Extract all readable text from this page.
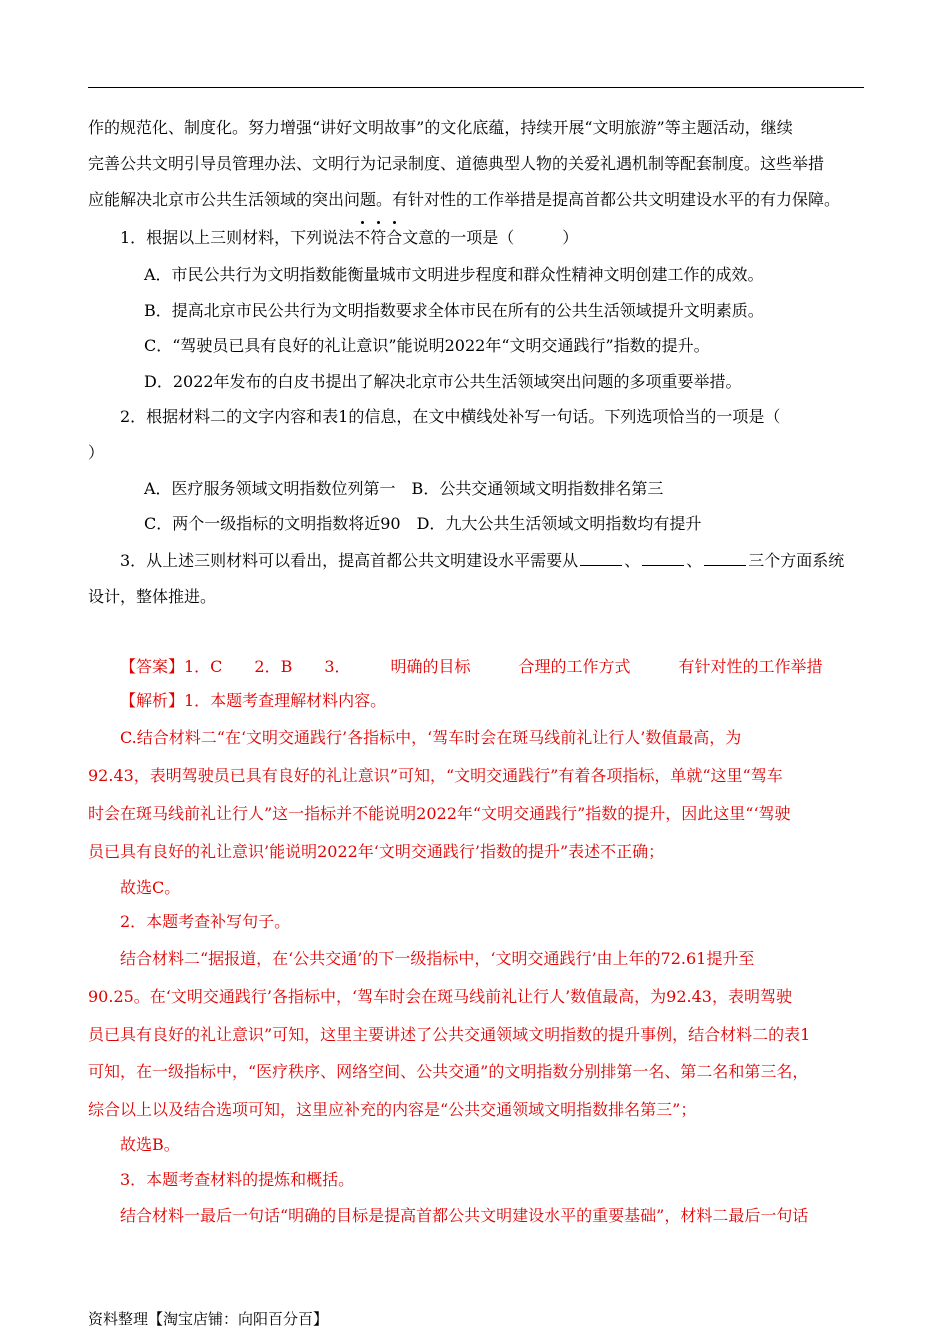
作的规范化、制度化。努力增强“讲好文明故事”的文化底蕴，持续开展“文明旅游”等主题活动，继续
完善公共文明引导员管理办法、文明行为记录制度、道德典型人物的关爱礼遇机制等配套制度。这些举措
应能解决北京市公共生活领域的突出问题。有针对性的工作举措是提高首都公共文明建设水平的有力保障。
1．根据以上三则材料，下列说法不符合文意的一项是（　　　）
A．市民公共行为文明指数能衡量城市文明进步程度和群众性精神文明创建工作的成效。
B．提高北京市民公共行为文明指数要求全体市民在所有的公共生活领域提升文明素质。
C．“驾驶员已具有良好的礼让意识”能说明2022年“文明交通践行”指数的提升。
D．2022年发布的白皮书提出了解决北京市公共生活领域突出问题的多项重要举措。
2．根据材料二的文字内容和表1的信息，在文中横线处补写一句话。下列选项恰当的一项是（
）
A．医疗服务领域文明指数位列第一　B．公共交通领域文明指数排名第三
C．两个一级指标的文明指数将近90　D．九大公共生活领域文明指数均有提升
3．从上述三则材料可以看出，提高首都公共文明建设水平需要从	、	、	三个方面系统
设计，整体推进。
【答案】1．C　　2．B　　3．　　　明确的目标　　　合理的工作方式　　　有针对性的工作举措
【解析】1．本题考查理解材料内容。
C.结合材料二“在‘文明交通践行’各指标中，‘驾车时会在斑马线前礼让行人’数值最高，为
92.43，表明驾驶员已具有良好的礼让意识”可知，“文明交通践行”有着各项指标，单就“这里“驾车
时会在斑马线前礼让行人”这一指标并不能说明2022年“文明交通践行”指数的提升，因此这里“‘驾驶
员已具有良好的礼让意识’能说明2022年‘文明交通践行’指数的提升”表述不正确；
故选C。
2．本题考查补写句子。
结合材料二“据报道，在‘公共交通’的下一级指标中，‘文明交通践行’由上年的72.61提升至
90.25。在‘文明交通践行’各指标中，‘驾车时会在斑马线前礼让行人’数值最高，为92.43，表明驾驶
员已具有良好的礼让意识”可知，这里主要讲述了公共交通领域文明指数的提升事例，结合材料二的表1
可知，在一级指标中，“医疗秩序、网络空间、公共交通”的文明指数分别排第一名、第二名和第三名，
综合以上以及结合选项可知，这里应补充的内容是“公共交通领域文明指数排名第三”；
故选B。
3．本题考查材料的提炼和概括。
结合材料一最后一句话“明确的目标是提高首都公共文明建设水平的重要基础”，材料二最后一句话
资料整理【淘宝店铺：向阳百分百】
